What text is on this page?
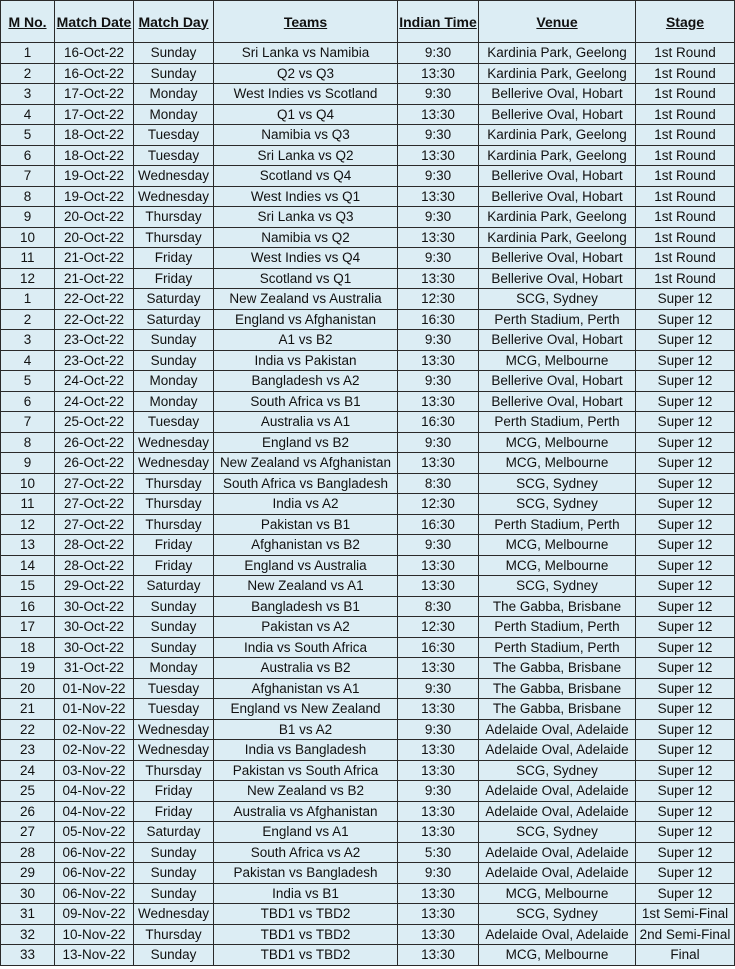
M No.	Match Date	Match Day	Teams	Indian Time	Venue	Stage
1	16-Oct-22	Sunday	Sri Lanka vs Namibia	9:30	Kardinia Park, Geelong	1st Round
2	16-Oct-22	Sunday	Q2 vs Q3	13:30	Kardinia Park, Geelong	1st Round
3	17-Oct-22	Monday	West Indies vs Scotland	9:30	Bellerive Oval, Hobart	1st Round
4	17-Oct-22	Monday	Q1 vs Q4	13:30	Bellerive Oval, Hobart	1st Round
5	18-Oct-22	Tuesday	Namibia vs Q3	9:30	Kardinia Park, Geelong	1st Round
6	18-Oct-22	Tuesday	Sri Lanka vs Q2	13:30	Kardinia Park, Geelong	1st Round
7	19-Oct-22	Wednesday	Scotland vs Q4	9:30	Bellerive Oval, Hobart	1st Round
8	19-Oct-22	Wednesday	West Indies vs Q1	13:30	Bellerive Oval, Hobart	1st Round
9	20-Oct-22	Thursday	Sri Lanka vs Q3	9:30	Kardinia Park, Geelong	1st Round
10	20-Oct-22	Thursday	Namibia vs Q2	13:30	Kardinia Park, Geelong	1st Round
11	21-Oct-22	Friday	West Indies vs Q4	9:30	Bellerive Oval, Hobart	1st Round
12	21-Oct-22	Friday	Scotland vs Q1	13:30	Bellerive Oval, Hobart	1st Round
1	22-Oct-22	Saturday	New Zealand vs Australia	12:30	SCG, Sydney	Super 12
2	22-Oct-22	Saturday	England vs Afghanistan	16:30	Perth Stadium, Perth	Super 12
3	23-Oct-22	Sunday	A1 vs B2	9:30	Bellerive Oval, Hobart	Super 12
4	23-Oct-22	Sunday	India vs Pakistan	13:30	MCG, Melbourne	Super 12
5	24-Oct-22	Monday	Bangladesh vs A2	9:30	Bellerive Oval, Hobart	Super 12
6	24-Oct-22	Monday	South Africa vs B1	13:30	Bellerive Oval, Hobart	Super 12
7	25-Oct-22	Tuesday	Australia vs A1	16:30	Perth Stadium, Perth	Super 12
8	26-Oct-22	Wednesday	England vs B2	9:30	MCG, Melbourne	Super 12
9	26-Oct-22	Wednesday	New Zealand vs Afghanistan	13:30	MCG, Melbourne	Super 12
10	27-Oct-22	Thursday	South Africa vs Bangladesh	8:30	SCG, Sydney	Super 12
11	27-Oct-22	Thursday	India vs A2	12:30	SCG, Sydney	Super 12
12	27-Oct-22	Thursday	Pakistan vs B1	16:30	Perth Stadium, Perth	Super 12
13	28-Oct-22	Friday	Afghanistan vs B2	9:30	MCG, Melbourne	Super 12
14	28-Oct-22	Friday	England vs Australia	13:30	MCG, Melbourne	Super 12
15	29-Oct-22	Saturday	New Zealand vs A1	13:30	SCG, Sydney	Super 12
16	30-Oct-22	Sunday	Bangladesh vs B1	8:30	The Gabba, Brisbane	Super 12
17	30-Oct-22	Sunday	Pakistan vs A2	12:30	Perth Stadium, Perth	Super 12
18	30-Oct-22	Sunday	India vs South Africa	16:30	Perth Stadium, Perth	Super 12
19	31-Oct-22	Monday	Australia vs B2	13:30	The Gabba, Brisbane	Super 12
20	01-Nov-22	Tuesday	Afghanistan vs A1	9:30	The Gabba, Brisbane	Super 12
21	01-Nov-22	Tuesday	England vs New Zealand	13:30	The Gabba, Brisbane	Super 12
22	02-Nov-22	Wednesday	B1 vs A2	9:30	Adelaide Oval, Adelaide	Super 12
23	02-Nov-22	Wednesday	India vs Bangladesh	13:30	Adelaide Oval, Adelaide	Super 12
24	03-Nov-22	Thursday	Pakistan vs South Africa	13:30	SCG, Sydney	Super 12
25	04-Nov-22	Friday	New Zealand vs B2	9:30	Adelaide Oval, Adelaide	Super 12
26	04-Nov-22	Friday	Australia vs Afghanistan	13:30	Adelaide Oval, Adelaide	Super 12
27	05-Nov-22	Saturday	England vs A1	13:30	SCG, Sydney	Super 12
28	06-Nov-22	Sunday	South Africa vs A2	5:30	Adelaide Oval, Adelaide	Super 12
29	06-Nov-22	Sunday	Pakistan vs Bangladesh	9:30	Adelaide Oval, Adelaide	Super 12
30	06-Nov-22	Sunday	India vs B1	13:30	MCG, Melbourne	Super 12
31	09-Nov-22	Wednesday	TBD1 vs TBD2	13:30	SCG, Sydney	1st Semi-Final
32	10-Nov-22	Thursday	TBD1 vs TBD2	13:30	Adelaide Oval, Adelaide	2nd Semi-Final
33	13-Nov-22	Sunday	TBD1 vs TBD2	13:30	MCG, Melbourne	Final
